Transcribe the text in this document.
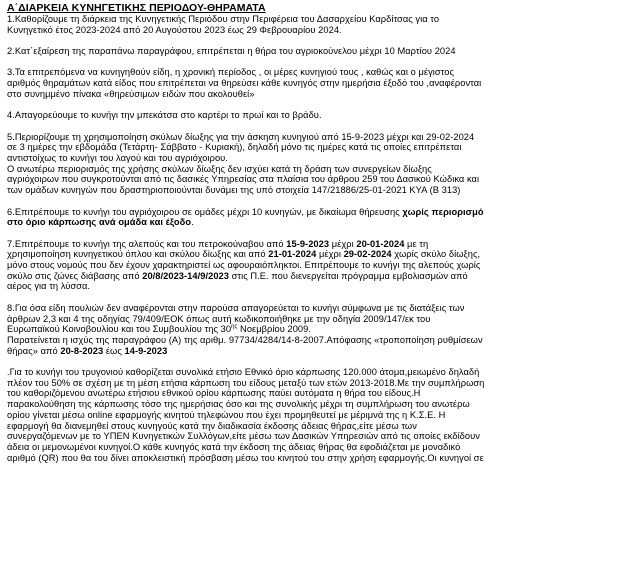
Α΄ΔΙΑΡΚΕΙΑ ΚΥΝΗΓΕΤΙΚΗΣ ΠΕΡΙΟΔΟΥ-ΘΗΡΑΜΑΤΑ
1.Καθορίζουμε τη διάρκεια της Κυνηγετικής Περιόδου στην Περιφέρεια του Δασαρχείου Καρδίτσας για το
Κυνηγετικό έτος 2023-2024 από 20 Αυγούστου 2023 έως 29 Φεβρουαρίου 2024.
2.Κατ΄εξαίρεση της παραπάνω παραγράφου, επιτρέπεται η θήρα του αγριοκούνελου μέχρι 10 Μαρτίου 2024
3.Τα επιτρεπόμενα να κυνηγηθούν είδη, η χρονική περίοδος , οι μέρες κυνηγιού τους , καθώς και ο μέγιστος
αριθμός θηραμάτων κατά είδος που επιτρέπεται να θηρεύσει κάθε κυνηγός στην ημερήσια έξοδό του ,αναφέρονται
στο συνημμένο πίνακα «θηρεύσιμων ειδών που ακολουθεί»
4.Απαγορεύουμε το κυνήγι την μπεκάτσα στο καρτέρι το πρωί και το βράδυ.
5.Περιορίζουμε τη χρησιμοποίηση σκύλων δίωξης για την άσκηση κυνηγιού από 15-9-2023 μέχρι και 29-02-2024
σε 3 ημέρες την εβδομάδα (Τετάρτη- Σάββατο - Κυριακή), δηλαδή μόνο τις ημέρες κατά τις οποίες επιτρέπεται
αντιστοίχως το κυνήγι του λαγού και του αγριόχοιρου.
Ο ανωτέρω περιορισμός της χρήσης σκύλων δίωξης δεν ισχύει κατά τη δράση των συνεργείων δίωξης
αγριόχοιρων που συγκροτούνται από τις δασικές Υπηρεσίας στα πλαίσια του άρθρου 259 του Δασικού Κώδικα και
των ομάδων κυνηγών που δραστηριοποιούνται δυνάμει της υπό στοιχεία 147/21886/25-01-2021 ΚΥΑ (Β 313)
6.Επιτρέπουμε το κυνήγι του αγριόχοιρου σε ομάδες μέχρι 10 κυνηγών, με δικαίωμα θήρευσης χωρίς περιορισμό
στο όριο κάρπωσης ανά ομάδα και έξοδο.
7.Επιτρέπουμε το κυνήγι της αλεπούς και του πετροκούναβου από 15-9-2023 μέχρι 20-01-2024 με τη
χρησιμοποίηση κυνηγετικού όπλου και σκύλου δίωξης και από 21-01-2024 μέχρι 29-02-2024 χωρίς σκύλο δίωξης,
μόνο στους νομούς που δεν έχουν χαρακτηριστεί ως αφουραιόπληκτοι. Επιτρέπουμε το κυνήγι της αλεπούς χωρίς
σκύλο στις ζώνες διάβασης από 20/8/2023-14/9/2023 στις Π.Ε. που διενεργείται πρόγραμμα εμβολιασμών από
αέρος για τη λύσσα.
8.Για όσα είδη πουλιών δεν αναφέρονται στην παρούσα απαγορεύεται το κυνήγι σύμφωνα με τις διατάξεις των
άρθρων 2,3 και 4 της οδηγίας 79/409/ΕΟΚ όπως αυτή κωδικοποιήθηκε με την οδηγία 2009/147/εκ του
Ευρωπαϊκού Κοινοβουλίου και του Συμβουλίου της $30^{\eta\varsigma}$ Νοεμβρίου 2009.
Παρατείνεται η ισχύς της παραγράφου (Α) της αριθμ. 97734/4284/14-8-2007.Απόφασης «τροποποίηση ρυθμίσεων
θήρας» από 20-8-2023 έως 14-9-2023
.Για το κυνήγι του τρυγονιού καθορίζεται συνολικά ετήσιο Εθνικό όριο κάρπωσης 120.000 άτομα,μειωμένο δηλαδή
πλέον του 50% σε σχέση με τη μέση ετήσια κάρπωση του είδους μεταξύ των ετών 2013-2018.Με την συμπλήρωση
του καθοριζόμενου ανωτέρω ετήσιου εθνικού ορίου κάρπωσης παύει αυτόματα η θήρα του είδους.Η
παρακολούθηση της κάρπωσης τόσο της ημερήσιας όσο και της συνολικής μέχρι τη συμπλήρωση του ανωτέρω
ορίου γίνεται μέσω online εφαρμογής κινητού τηλεφώνου που έχει προμηθευτεί με μέριμνά της η Κ.Σ.Ε. Η
εφαρμογή θα διανεμηθεί στους κυνηγούς κατά την διαδικασία έκδοσης άδειας θήρας,είτε μέσω των
συνεργαζόμενων με το ΥΠΕΝ Κυνηγετικών Συλλόγων,είτε μέσω των Δασικών Υπηρεσιών από τις οποίες εκδίδουν
άδεια οι μεμονωμένοι κυνηγοί.Ο κάθε κυνηγός κατά την έκδοση της άδειας θήρας θα εφοδιάζεται με μοναδικό
αριθμό (QR) που θα του δίνει αποκλειστική πρόσβαση μέσω του κινητού του στην χρήση εφαρμογής.Οι κυνηγοί σε
